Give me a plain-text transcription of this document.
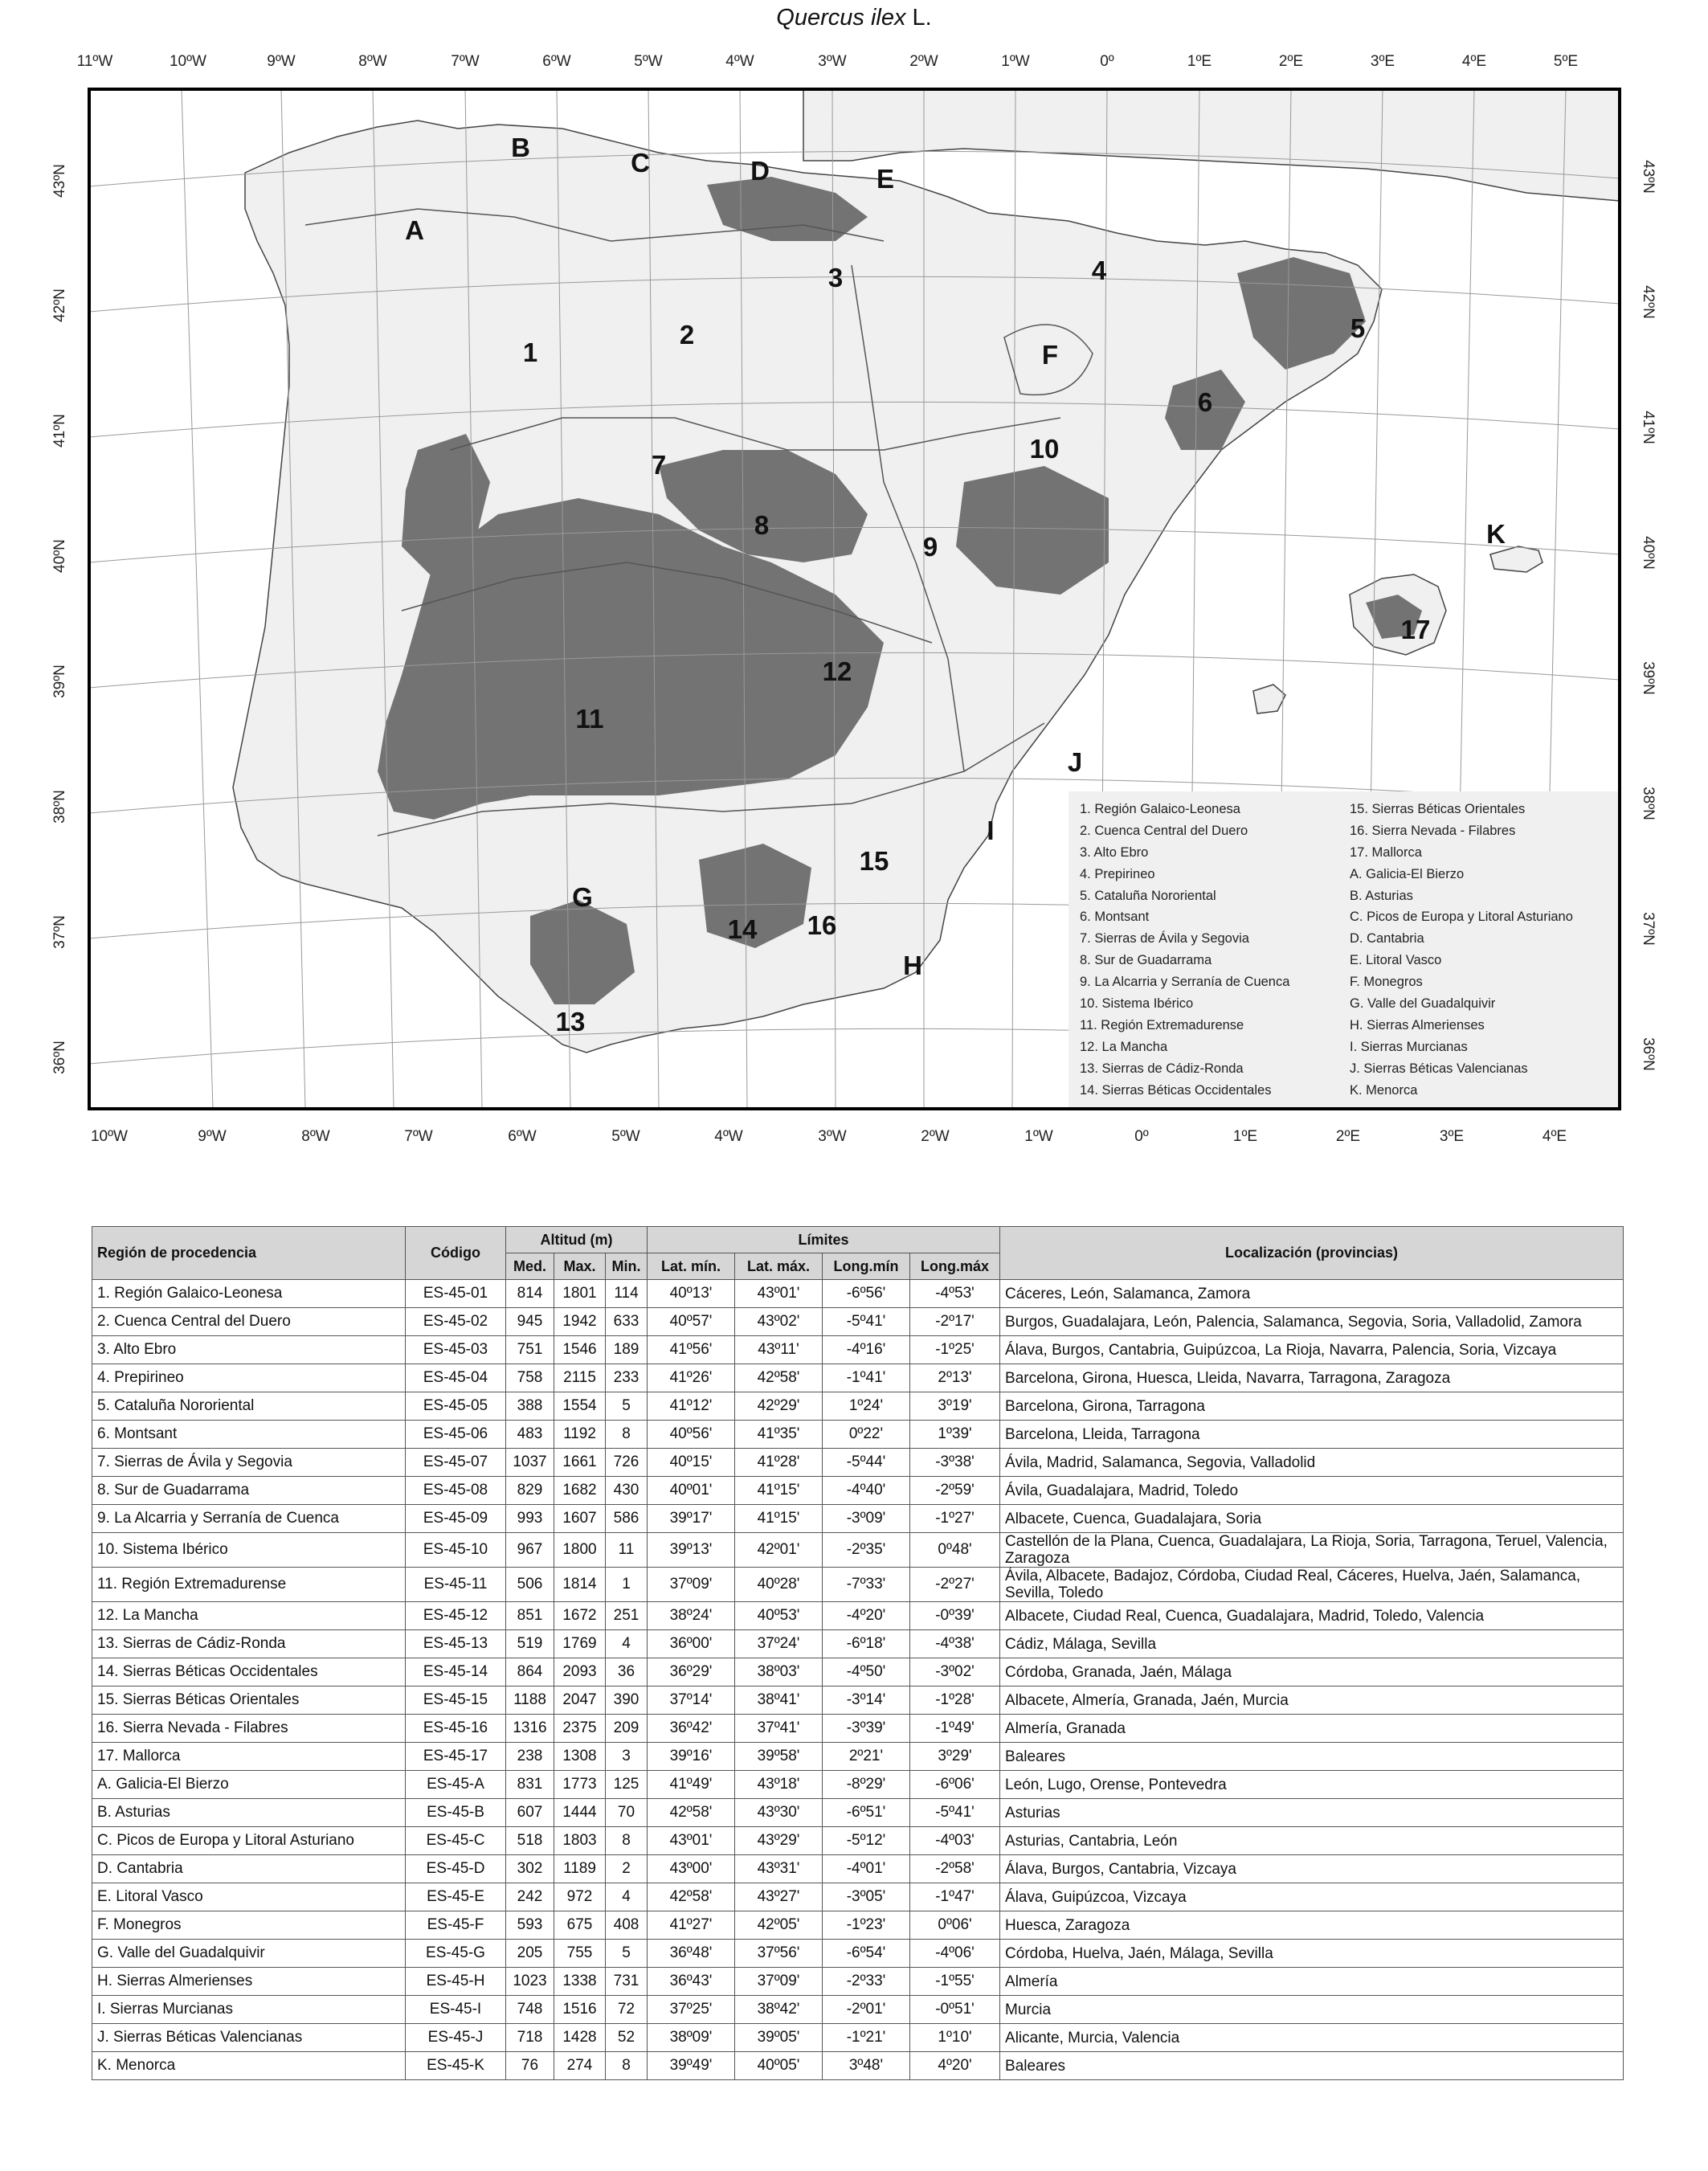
Quercus ilex L.
11ºW	10ºW	9ºW	8ºW	7ºW	6ºW	5ºW	4ºW	3ºW	2ºW	1ºW	0º	1ºE	2ºE	3ºE	4ºE	5ºE
10ºW	9ºW	8ºW	7ºW	6ºW	5ºW	4ºW	3ºW	2ºW	1ºW	0º	1ºE	2ºE	3ºE	4ºE
43ºN
42ºN
41ºN
40ºN
39ºN
38ºN
37ºN
36ºN
43ºN
42ºN
41ºN
40ºN
39ºN
38ºN
37ºN
36ºN
1
2
3	4
5
6
7
8
9
10
11
12
13
14
15
16
17
A
B
C	D	E
F
G
H
I
J
K
1. Región Galaico-Leonesa
2. Cuenca Central del Duero
3. Alto Ebro
4. Prepirineo
5. Cataluña Nororiental
6. Montsant
7. Sierras de Ávila y Segovia
8. Sur de Guadarrama
9. La Alcarria y Serranía de Cuenca
10. Sistema Ibérico
11. Región Extremadurense
12. La Mancha
13. Sierras de Cádiz-Ronda
14. Sierras Béticas Occidentales
15. Sierras Béticas Orientales
16. Sierra Nevada - Filabres
17. Mallorca
A. Galicia-El Bierzo
B. Asturias
C. Picos de Europa y Litoral Asturiano
D. Cantabria
E. Litoral Vasco
F. Monegros
G. Valle del Guadalquivir
H. Sierras Almerienses
I. Sierras Murcianas
J. Sierras Béticas Valencianas
K. Menorca
Región de procedencia	Código	Altitud (m)			Límites				Localización (provincias)
		Med.	Max.	Min.	Lat. mín.	Lat. máx.	Long.mín	Long.máx	
1. Región Galaico-Leonesa	ES-45-01	814	1801	114	40º13'	43º01'	-6º56'	-4º53'	Cáceres, León, Salamanca, Zamora
2. Cuenca Central del Duero	ES-45-02	945	1942	633	40º57'	43º02'	-5º41'	-2º17'	Burgos, Guadalajara, León, Palencia, Salamanca, Segovia, Soria, Valladolid, Zamora
3. Alto Ebro	ES-45-03	751	1546	189	41º56'	43º11'	-4º16'	-1º25'	Álava, Burgos, Cantabria, Guipúzcoa, La Rioja, Navarra, Palencia, Soria, Vizcaya
4. Prepirineo	ES-45-04	758	2115	233	41º26'	42º58'	-1º41'	2º13'	Barcelona, Girona, Huesca, Lleida, Navarra, Tarragona, Zaragoza
5. Cataluña Nororiental	ES-45-05	388	1554	5	41º12'	42º29'	1º24'	3º19'	Barcelona, Girona, Tarragona
6. Montsant	ES-45-06	483	1192	8	40º56'	41º35'	0º22'	1º39'	Barcelona, Lleida, Tarragona
7. Sierras de Ávila y Segovia	ES-45-07	1037	1661	726	40º15'	41º28'	-5º44'	-3º38'	Ávila, Madrid, Salamanca, Segovia, Valladolid
8. Sur de Guadarrama	ES-45-08	829	1682	430	40º01'	41º15'	-4º40'	-2º59'	Ávila, Guadalajara, Madrid, Toledo
9. La Alcarria y Serranía de Cuenca	ES-45-09	993	1607	586	39º17'	41º15'	-3º09'	-1º27'	Albacete, Cuenca, Guadalajara, Soria
10. Sistema Ibérico	ES-45-10	967	1800	11	39º13'	42º01'	-2º35'	0º48'	Castellón de la Plana, Cuenca, Guadalajara, La Rioja, Soria, Tarragona, Teruel, Valencia, Zaragoza
11. Región Extremadurense	ES-45-11	506	1814	1	37º09'	40º28'	-7º33'	-2º27'	Ávila, Albacete, Badajoz, Córdoba, Ciudad Real, Cáceres, Huelva, Jaén, Salamanca, Sevilla, Toledo
12. La Mancha	ES-45-12	851	1672	251	38º24'	40º53'	-4º20'	-0º39'	Albacete, Ciudad Real, Cuenca, Guadalajara, Madrid, Toledo, Valencia
13. Sierras de Cádiz-Ronda	ES-45-13	519	1769	4	36º00'	37º24'	-6º18'	-4º38'	Cádiz, Málaga, Sevilla
14. Sierras Béticas Occidentales	ES-45-14	864	2093	36	36º29'	38º03'	-4º50'	-3º02'	Córdoba, Granada, Jaén, Málaga
15. Sierras Béticas Orientales	ES-45-15	1188	2047	390	37º14'	38º41'	-3º14'	-1º28'	Albacete, Almería, Granada, Jaén, Murcia
16. Sierra Nevada - Filabres	ES-45-16	1316	2375	209	36º42'	37º41'	-3º39'	-1º49'	Almería, Granada
17. Mallorca	ES-45-17	238	1308	3	39º16'	39º58'	2º21'	3º29'	Baleares
A. Galicia-El Bierzo	ES-45-A	831	1773	125	41º49'	43º18'	-8º29'	-6º06'	León, Lugo, Orense, Pontevedra
B. Asturias	ES-45-B	607	1444	70	42º58'	43º30'	-6º51'	-5º41'	Asturias
C. Picos de Europa y Litoral Asturiano	ES-45-C	518	1803	8	43º01'	43º29'	-5º12'	-4º03'	Asturias, Cantabria, León
D. Cantabria	ES-45-D	302	1189	2	43º00'	43º31'	-4º01'	-2º58'	Álava, Burgos, Cantabria, Vizcaya
E. Litoral Vasco	ES-45-E	242	972	4	42º58'	43º27'	-3º05'	-1º47'	Álava, Guipúzcoa, Vizcaya
F. Monegros	ES-45-F	593	675	408	41º27'	42º05'	-1º23'	0º06'	Huesca, Zaragoza
G. Valle del Guadalquivir	ES-45-G	205	755	5	36º48'	37º56'	-6º54'	-4º06'	Córdoba, Huelva, Jaén, Málaga, Sevilla
H. Sierras Almerienses	ES-45-H	1023	1338	731	36º43'	37º09'	-2º33'	-1º55'	Almería
I. Sierras Murcianas	ES-45-I	748	1516	72	37º25'	38º42'	-2º01'	-0º51'	Murcia
J. Sierras Béticas Valencianas	ES-45-J	718	1428	52	38º09'	39º05'	-1º21'	1º10'	Alicante, Murcia, Valencia
K. Menorca	ES-45-K	76	274	8	39º49'	40º05'	3º48'	4º20'	Baleares
